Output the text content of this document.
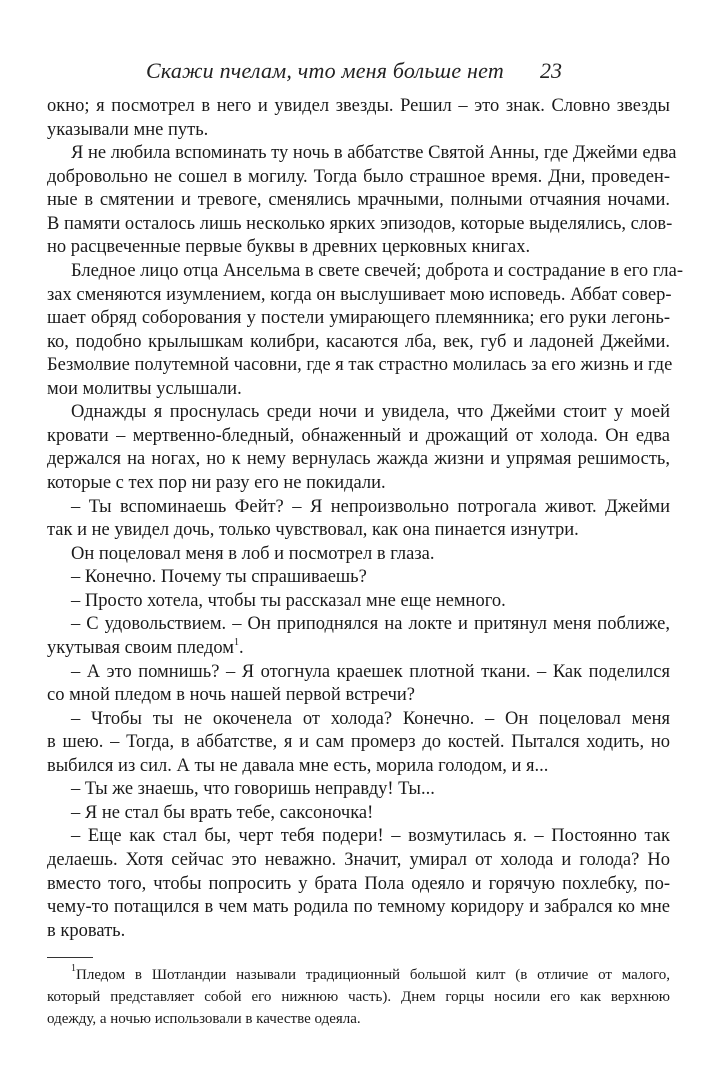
Скажи пчелам, что меня больше нет 23
окно; я посмотрел в него и увидел звезды. Решил – это знак. Словно звезды
указывали мне путь.
Я не любила вспоминать ту ночь в аббатстве Святой Анны, где Джейми едва
добровольно не сошел в могилу. Тогда было страшное время. Дни, проведен-
ные в смятении и тревоге, сменялись мрачными, полными отчаяния ночами.
В памяти осталось лишь несколько ярких эпизодов, которые выделялись, слов-
но расцвеченные первые буквы в древних церковных книгах.
Бледное лицо отца Ансельма в свете свечей; доброта и сострадание в его гла-
зах сменяются изумлением, когда он выслушивает мою исповедь. Аббат совер-
шает обряд соборования у постели умирающего племянника; его руки легонь-
ко, подобно крылышкам колибри, касаются лба, век, губ и ладоней Джейми.
Безмолвие полутемной часовни, где я так страстно молилась за его жизнь и где
мои молитвы услышали.
Однажды я проснулась среди ночи и увидела, что Джейми стоит у моей
кровати – мертвенно-бледный, обнаженный и дрожащий от холода. Он едва
держался на ногах, но к нему вернулась жажда жизни и упрямая решимость,
которые с тех пор ни разу его не покидали.
– Ты вспоминаешь Фейт? – Я непроизвольно потрогала живот. Джейми
так и не увидел дочь, только чувствовал, как она пинается изнутри.
Он поцеловал меня в лоб и посмотрел в глаза.
– Конечно. Почему ты спрашиваешь?
– Просто хотела, чтобы ты рассказал мне еще немного.
– С удовольствием. – Он приподнялся на локте и притянул меня поближе,
укутывая своим пледом$^1$.
– А это помнишь? – Я отогнула краешек плотной ткани. – Как поделился
со мной пледом в ночь нашей первой встречи?
– Чтобы ты не окоченела от холода? Конечно. – Он поцеловал меня
в шею. – Тогда, в аббатстве, я и сам промерз до костей. Пытался ходить, но
выбился из сил. А ты не давала мне есть, морила голодом, и я...
– Ты же знаешь, что говоришь неправду! Ты...
– Я не стал бы врать тебе, саксоночка!
– Еще как стал бы, черт тебя подери! – возмутилась я. – Постоянно так
делаешь. Хотя сейчас это неважно. Значит, умирал от холода и голода? Но
вместо того, чтобы попросить у брата Пола одеяло и горячую похлебку, по-
чему-то потащился в чем мать родила по темному коридору и забрался ко мне
в кровать.
$^1$Пледом в Шотландии называли традиционный большой килт (в отличие от малого,
который представляет собой его нижнюю часть). Днем горцы носили его как верхнюю
одежду, а ночью использовали в качестве одеяла.
